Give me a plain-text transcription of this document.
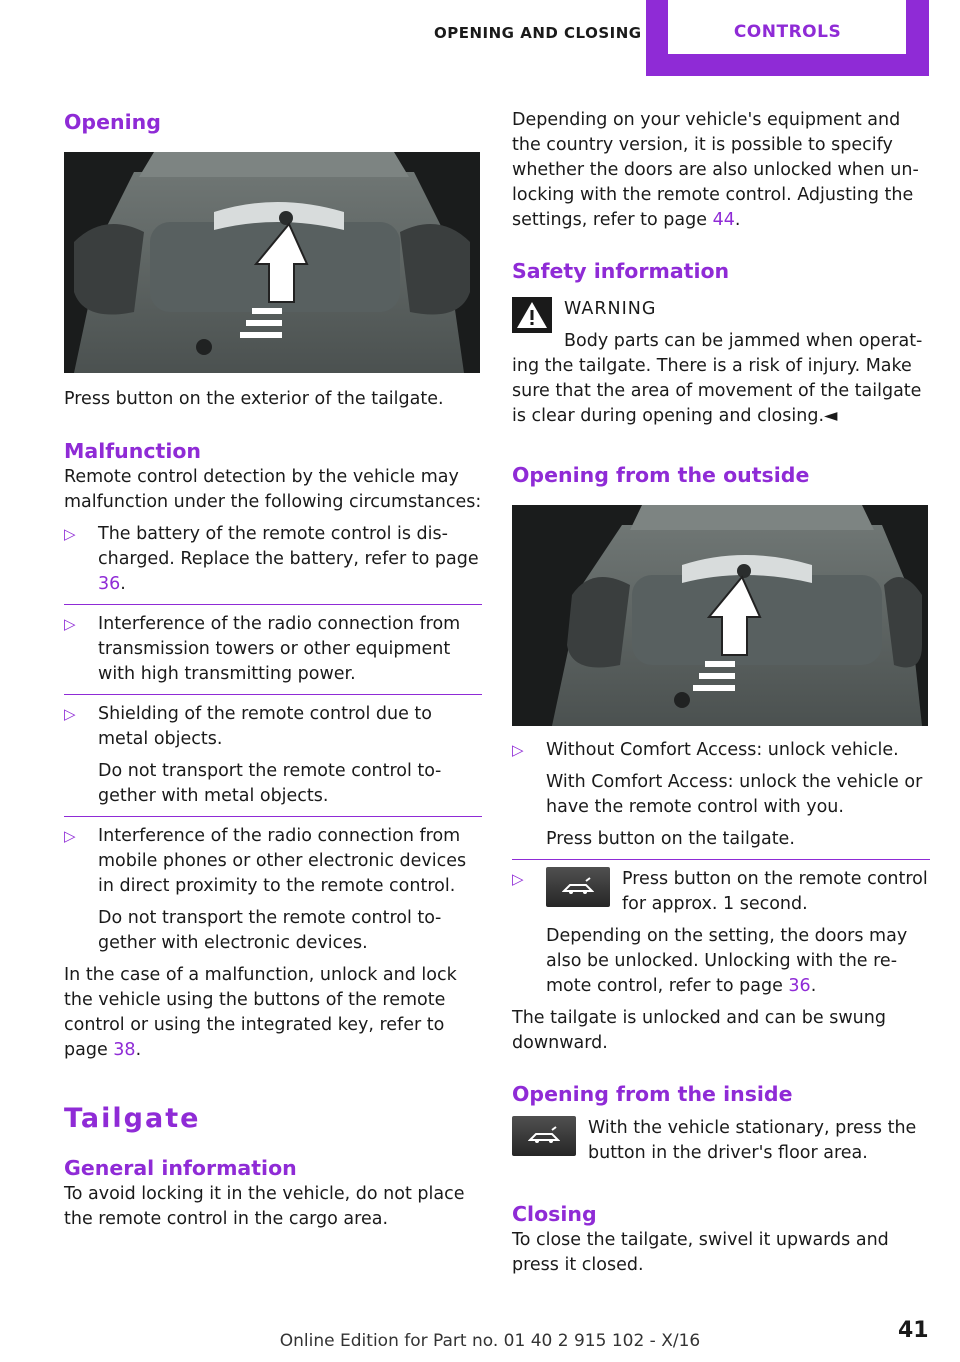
OPENING AND CLOSING	CONTROLS
Opening

Press button on the exterior of the tailgate.

Malfunction

Remote control detection by the vehicle may malfunction under the following circumstances:

▷ The battery of the remote control is dis‐charged. Replace the battery, refer to page 36.
▷ Interference of the radio connection from transmission towers or other equipment with high transmitting power.
▷ Shielding of the remote control due to metal objects.
Do not transport the remote control to‐gether with metal objects.
▷ Interference of the radio connection from mobile phones or other electronic devices in direct proximity to the remote control.
Do not transport the remote control to‐gether with electronic devices.

In the case of a malfunction, unlock and lock the vehicle using the buttons of the remote control or using the integrated key, refer to page 38.

Tailgate
General information

To avoid locking it in the vehicle, do not place the remote control in the cargo area.

Depending on your vehicle's equipment and the country version, it is possible to specify whether the doors are also unlocked when un‐locking with the remote control. Adjusting the settings, refer to page 44.

Safety information

WARNING

Body parts can be jammed when operat‐

ing the tailgate. There is a risk of injury. Make sure that the area of movement of the tailgate is clear during opening and closing.◄

Opening from the outside
▷ Without Comfort Access: unlock vehicle.
With Comfort Access: unlock the vehicle or have the remote control with you.
Press button on the tailgate.
▷	Press button on the remote control for approx. 1 second.
Depending on the setting, the doors may also be unlocked. Unlocking with the re‐mote control, refer to page 36.

The tailgate is unlocked and can be swung downward.

Opening from the inside

With the vehicle stationary, press the button in the driver's floor area.

Closing

To close the tailgate, swivel it upwards and press it closed.

Online Edition for Part no. 01 40 2 915 102 - X/16	41
